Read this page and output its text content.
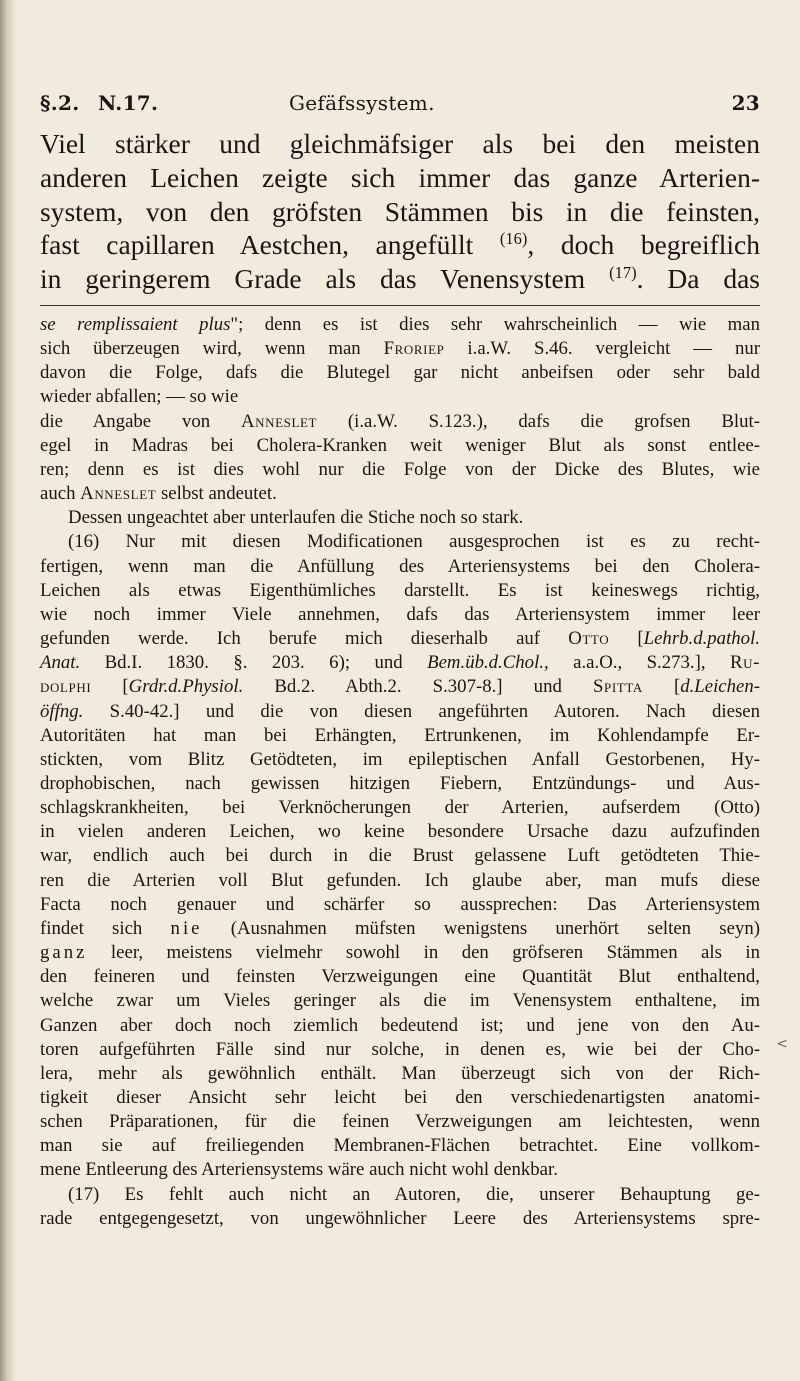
§.2. N.17.	Gefäfssystem.	23
Viel stärker und gleichmäfsiger als bei den meisten
anderen Leichen zeigte sich immer das ganze Arterien-
system, von den gröfsten Stämmen bis in die feinsten,
fast capillaren Aestchen, angefüllt $^{(16)}$, doch begreiflich
in geringerem Grade als das Venensystem $^{(17)}$. Da das
se remplissaient plus"; denn es ist dies sehr wahrscheinlich — wie man
sich überzeugen wird, wenn man Froriep i.a.W. S.46. vergleicht — nur
davon die Folge, dafs die Blutegel gar nicht anbeifsen oder sehr bald
wieder abfallen; — so wie
die Angabe von Anneslet (i.a.W. S.123.), dafs die grofsen Blut-
egel in Madras bei Cholera-Kranken weit weniger Blut als sonst entlee-
ren; denn es ist dies wohl nur die Folge von der Dicke des Blutes, wie
auch Anneslet selbst andeutet.
Dessen ungeachtet aber unterlaufen die Stiche noch so stark.
(16) Nur mit diesen Modificationen ausgesprochen ist es zu recht-
fertigen, wenn man die Anfüllung des Arteriensystems bei den Cholera-
Leichen als etwas Eigenthümliches darstellt. Es ist keineswegs richtig,
wie noch immer Viele annehmen, dafs das Arteriensystem immer leer
gefunden werde. Ich berufe mich dieserhalb auf Otto [Lehrb.d.pathol.
Anat. Bd.I. 1830. §. 203. 6); und Bem.üb.d.Chol., a.a.O., S.273.], Ru-
dolphi [Grdr.d.Physiol. Bd.2. Abth.2. S.307-8.] und Spitta [d.Leichen-
öffng. S.40-42.] und die von diesen angeführten Autoren. Nach diesen
Autoritäten hat man bei Erhängten, Ertrunkenen, im Kohlendampfe Er-
stickten, vom Blitz Getödteten, im epileptischen Anfall Gestorbenen, Hy-
drophobischen, nach gewissen hitzigen Fiebern, Entzündungs- und Aus-
schlagskrankheiten, bei Verknöcherungen der Arterien, aufserdem (Otto)
in vielen anderen Leichen, wo keine besondere Ursache dazu aufzufinden
war, endlich auch bei durch in die Brust gelassene Luft getödteten Thie-
ren die Arterien voll Blut gefunden. Ich glaube aber, man mufs diese
Facta noch genauer und schärfer so aussprechen: Das Arteriensystem
findet sich nie (Ausnahmen müfsten wenigstens unerhört selten seyn)
ganz leer, meistens vielmehr sowohl in den gröfseren Stämmen als in
den feineren und feinsten Verzweigungen eine Quantität Blut enthaltend,
welche zwar um Vieles geringer als die im Venensystem enthaltene, im
Ganzen aber doch noch ziemlich bedeutend ist; und jene von den Au-
toren aufgeführten Fälle sind nur solche, in denen es, wie bei der Cho-
lera, mehr als gewöhnlich enthält. Man überzeugt sich von der Rich-
tigkeit dieser Ansicht sehr leicht bei den verschiedenartigsten anatomi-
schen Präparationen, für die feinen Verzweigungen am leichtesten, wenn
man sie auf freiliegenden Membranen-Flächen betrachtet. Eine vollkom-
mene Entleerung des Arteriensystems wäre auch nicht wohl denkbar.
(17) Es fehlt auch nicht an Autoren, die, unserer Behauptung ge-
rade entgegengesetzt, von ungewöhnlicher Leere des Arteriensystems spre-
<
